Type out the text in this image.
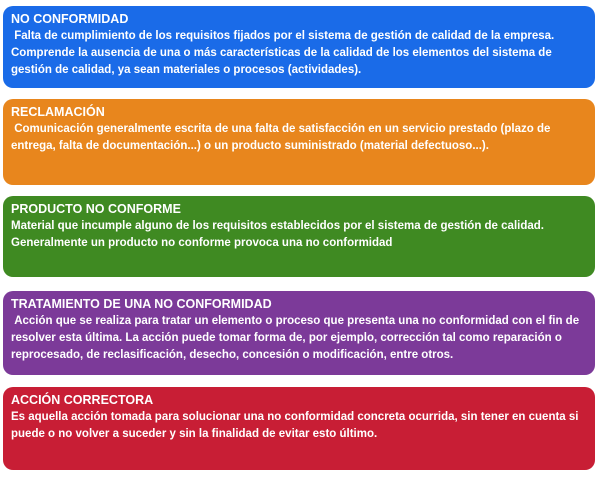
NO CONFORMIDAD

Falta de cumplimiento de los requisitos fijados por el sistema de gestión de calidad de la empresa. Comprende la ausencia de una o más características de la calidad de los elementos del sistema de gestión de calidad, ya sean materiales o procesos (actividades).

RECLAMACIÓN

Comunicación generalmente escrita de una falta de satisfacción en un servicio prestado (plazo de entrega, falta de documentación...) o un producto suministrado (material defectuoso...).

PRODUCTO NO CONFORME

Material que incumple alguno de los requisitos establecidos por el sistema de gestión de calidad. Generalmente un producto no conforme provoca una no conformidad

TRATAMIENTO DE UNA NO CONFORMIDAD

Acción que se realiza para tratar un elemento o proceso que presenta una no conformidad con el fin de resolver esta última. La acción puede tomar forma de, por ejemplo, corrección tal como reparación o reprocesado, de reclasificación, desecho, concesión o modificación, entre otros.

ACCIÓN CORRECTORA

Es aquella acción tomada para solucionar una no conformidad concreta ocurrida, sin tener en cuenta si puede o no volver a suceder y sin la finalidad de evitar esto último.
